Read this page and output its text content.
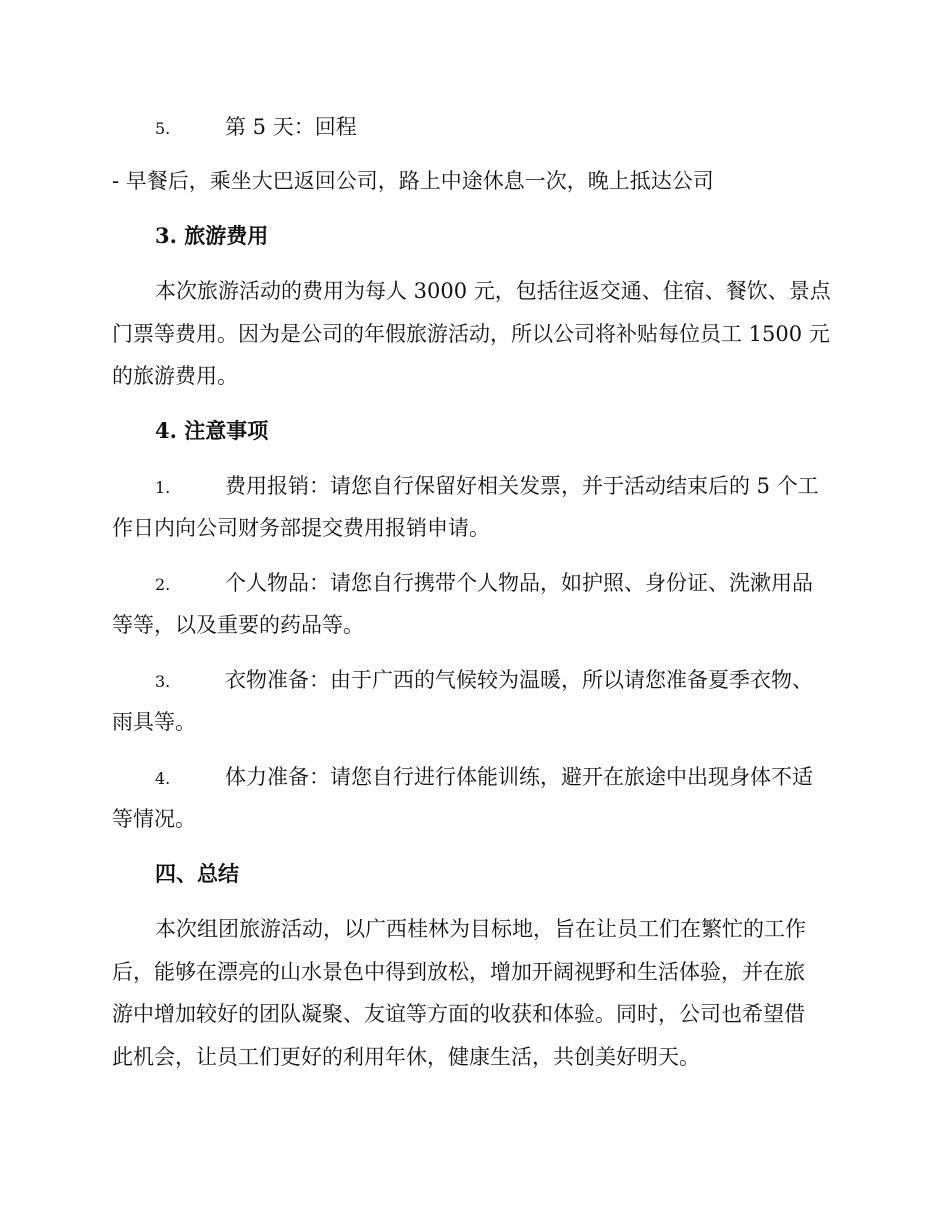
5.	第 5 天：回程
- 早餐后，乘坐大巴返回公司，路上中途休息一次，晚上抵达公司
3. 旅游费用
本次旅游活动的费用为每人 3000 元，包括往返交通、住宿、餐饮、景点
门票等费用。因为是公司的年假旅游活动，所以公司将补贴每位员工 1500 元
的旅游费用。
4. 注意事项
1.	费用报销：请您自行保留好相关发票，并于活动结束后的 5 个工
作日内向公司财务部提交费用报销申请。
2.	个人物品：请您自行携带个人物品，如护照、身份证、洗漱用品
等等，以及重要的药品等。
3.	衣物准备：由于广西的气候较为温暖，所以请您准备夏季衣物、
雨具等。
4.	体力准备：请您自行进行体能训练，避开在旅途中出现身体不适
等情况。
四、总结
本次组团旅游活动，以广西桂林为目标地，旨在让员工们在繁忙的工作
后，能够在漂亮的山水景色中得到放松，增加开阔视野和生活体验，并在旅
游中增加较好的团队凝聚、友谊等方面的收获和体验。同时，公司也希望借
此机会，让员工们更好的利用年休，健康生活，共创美好明天。
